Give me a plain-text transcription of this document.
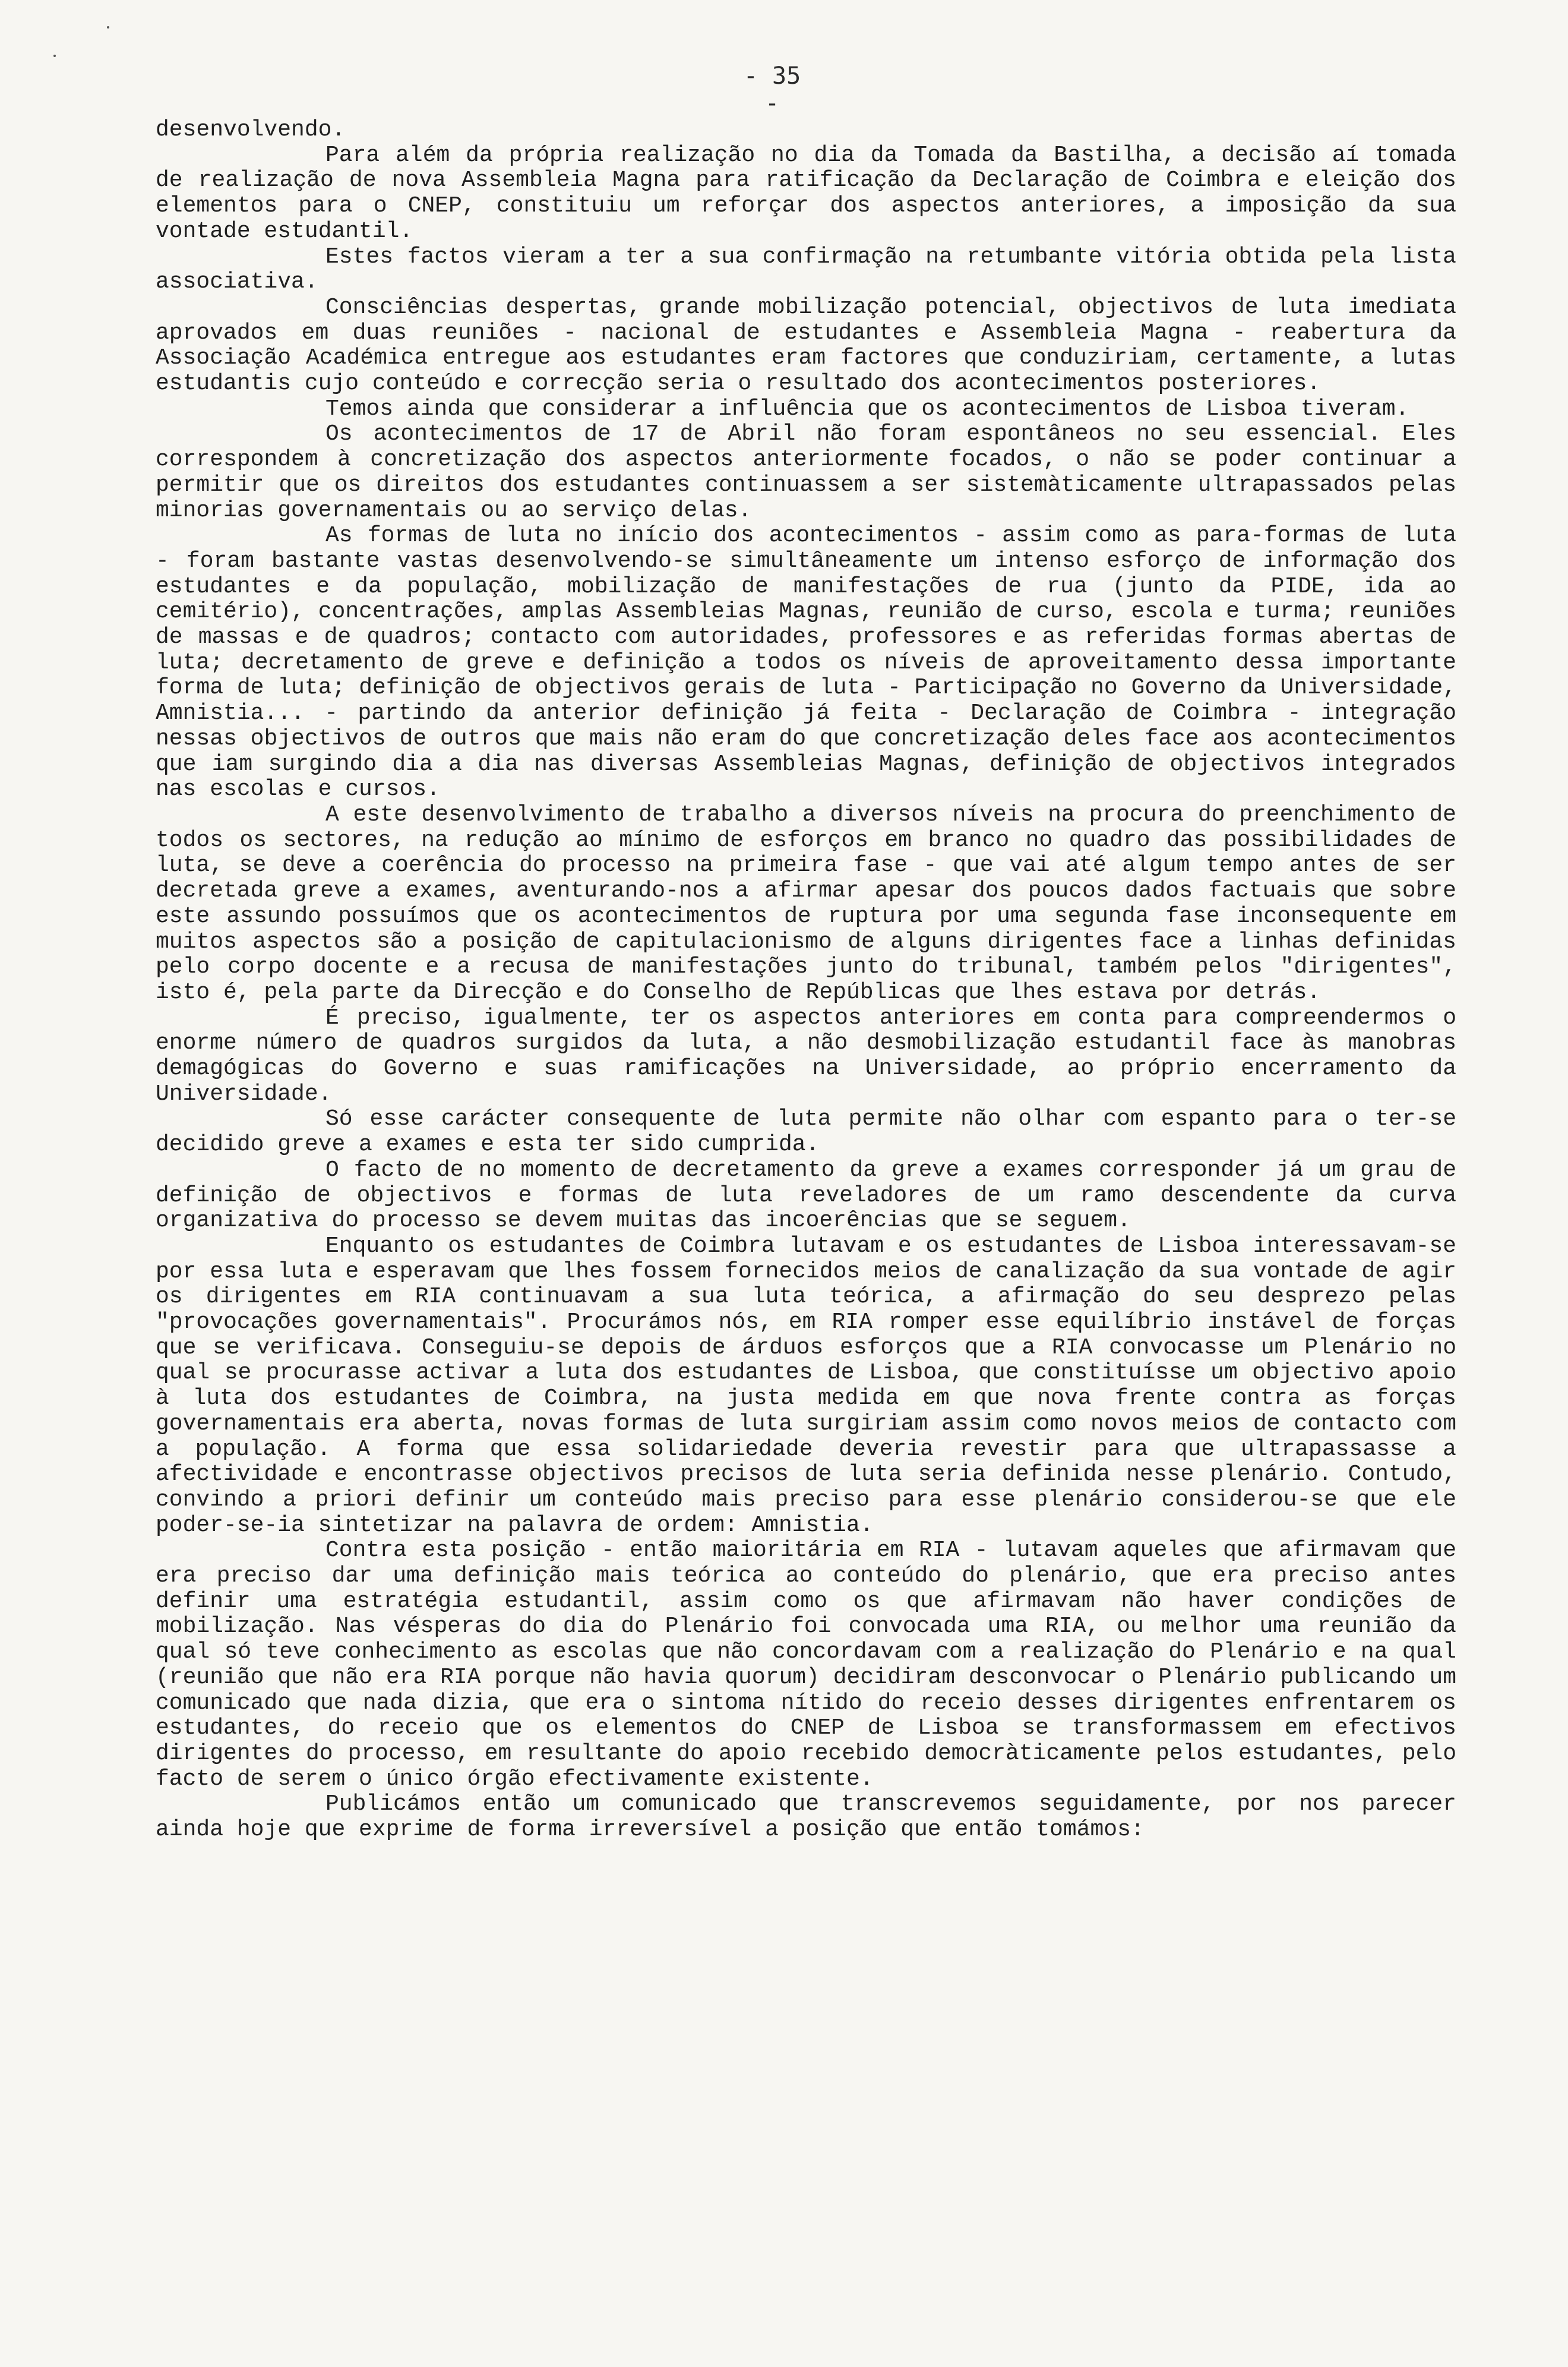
- 35 -

desenvolvendo.

Para além da própria realização no dia da Tomada da Bastilha, a decisão aí tomada de realização de nova Assembleia Magna para ratificação da Declaração de Coimbra e eleição dos elementos para o CNEP, constituiu um reforçar dos aspectos anteriores, a imposição da sua vontade estudantil.

Estes factos vieram a ter a sua confirmação na retumbante vitória obtida pela lista associativa.

Consciências despertas, grande mobilização potencial, objectivos de luta imediata aprovados em duas reuniões - nacional de estudantes e Assembleia Magna - reabertura da Associação Académica entregue aos estudantes eram factores que conduziriam, certamente, a lutas estudantis cujo conteúdo e correcção seria o resultado dos acontecimentos posteriores.

Temos ainda que considerar a influência que os acontecimentos de Lisboa tiveram.

Os acontecimentos de 17 de Abril não foram espontâneos no seu essencial. Eles correspondem à concretização dos aspectos anteriormente focados, o não se poder continuar a permitir que os direitos dos estudantes continuassem a ser sistemàticamente ultrapassados pelas minorias governamentais ou ao serviço delas.

As formas de luta no início dos acontecimentos - assim como as para-formas de luta - foram bastante vastas desenvolvendo-se simultâneamente um intenso esforço de informação dos estudantes e da população, mobilização de manifestações de rua (junto da PIDE, ida ao cemitério), concentrações, amplas Assembleias Magnas, reunião de curso, escola e turma; reuniões de massas e de quadros; contacto com autoridades, professores e as referidas formas abertas de luta; decretamento de greve e definição a todos os níveis de aproveitamento dessa importante forma de luta; definição de objectivos gerais de luta - Participação no Governo da Universidade, Amnistia... - partindo da anterior definição já feita - Declaração de Coimbra - integração nessas objectivos de outros que mais não eram do que concretização deles face aos acontecimentos que iam surgindo dia a dia nas diversas Assembleias Magnas, definição de objectivos integrados nas escolas e cursos.

A este desenvolvimento de trabalho a diversos níveis na procura do preenchimento de todos os sectores, na redução ao mínimo de esforços em branco no quadro das possibilidades de luta, se deve a coerência do processo na primeira fase - que vai até algum tempo antes de ser decretada greve a exames, aventurando-nos a afirmar apesar dos poucos dados factuais que sobre este assundo possuímos que os acontecimentos de ruptura por uma segunda fase inconsequente em muitos aspectos são a posição de capitulacionismo de alguns dirigentes face a linhas definidas pelo corpo docente e a recusa de manifestações junto do tribunal, também pelos "dirigentes", isto é, pela parte da Direcção e do Conselho de Repúblicas que lhes estava por detrás.

É preciso, igualmente, ter os aspectos anteriores em conta para compreendermos o enorme número de quadros surgidos da luta, a não desmobilização estudantil face às manobras demagógicas do Governo e suas ramificações na Universidade, ao próprio encerramento da Universidade.

Só esse carácter consequente de luta permite não olhar com espanto para o ter-se decidido greve a exames e esta ter sido cumprida.

O facto de no momento de decretamento da greve a exames corresponder já um grau de definição de objectivos e formas de luta reveladores de um ramo descendente da curva organizativa do processo se devem muitas das incoerências que se seguem.

Enquanto os estudantes de Coimbra lutavam e os estudantes de Lisboa interessavam-se por essa luta e esperavam que lhes fossem fornecidos meios de canalização da sua vontade de agir os dirigentes em RIA continuavam a sua luta teórica, a afirmação do seu desprezo pelas "provocações governamentais". Procurámos nós, em RIA romper esse equilíbrio instável de forças que se verificava. Conseguiu-se depois de árduos esforços que a RIA convocasse um Plenário no qual se procurasse activar a luta dos estudantes de Lisboa, que constituísse um objectivo apoio à luta dos estudantes de Coimbra, na justa medida em que nova frente contra as forças governamentais era aberta, novas formas de luta surgiriam assim como novos meios de contacto com a população. A forma que essa solidariedade deveria revestir para que ultrapassasse a afectividade e encontrasse objectivos precisos de luta seria definida nesse plenário. Contudo, convindo a priori definir um conteúdo mais preciso para esse plenário considerou-se que ele poder-se-ia sintetizar na palavra de ordem: Amnistia.

Contra esta posição - então maioritária em RIA - lutavam aqueles que afirmavam que era preciso dar uma definição mais teórica ao conteúdo do plenário, que era preciso antes definir uma estratégia estudantil, assim como os que afirmavam não haver condições de mobilização. Nas vésperas do dia do Plenário foi convocada uma RIA, ou melhor uma reunião da qual só teve conhecimento as escolas que não concordavam com a realização do Plenário e na qual (reunião que não era RIA porque não havia quorum) decidiram desconvocar o Plenário publicando um comunicado que nada dizia, que era o sintoma nítido do receio desses dirigentes enfrentarem os estudantes, do receio que os elementos do CNEP de Lisboa se transformassem em efectivos dirigentes do processo, em resultante do apoio recebido democràticamente pelos estudantes, pelo facto de serem o único órgão efectivamente existente.

Publicámos então um comunicado que transcrevemos seguidamente, por nos parecer ainda hoje que exprime de forma irreversível a posição que então tomámos:
